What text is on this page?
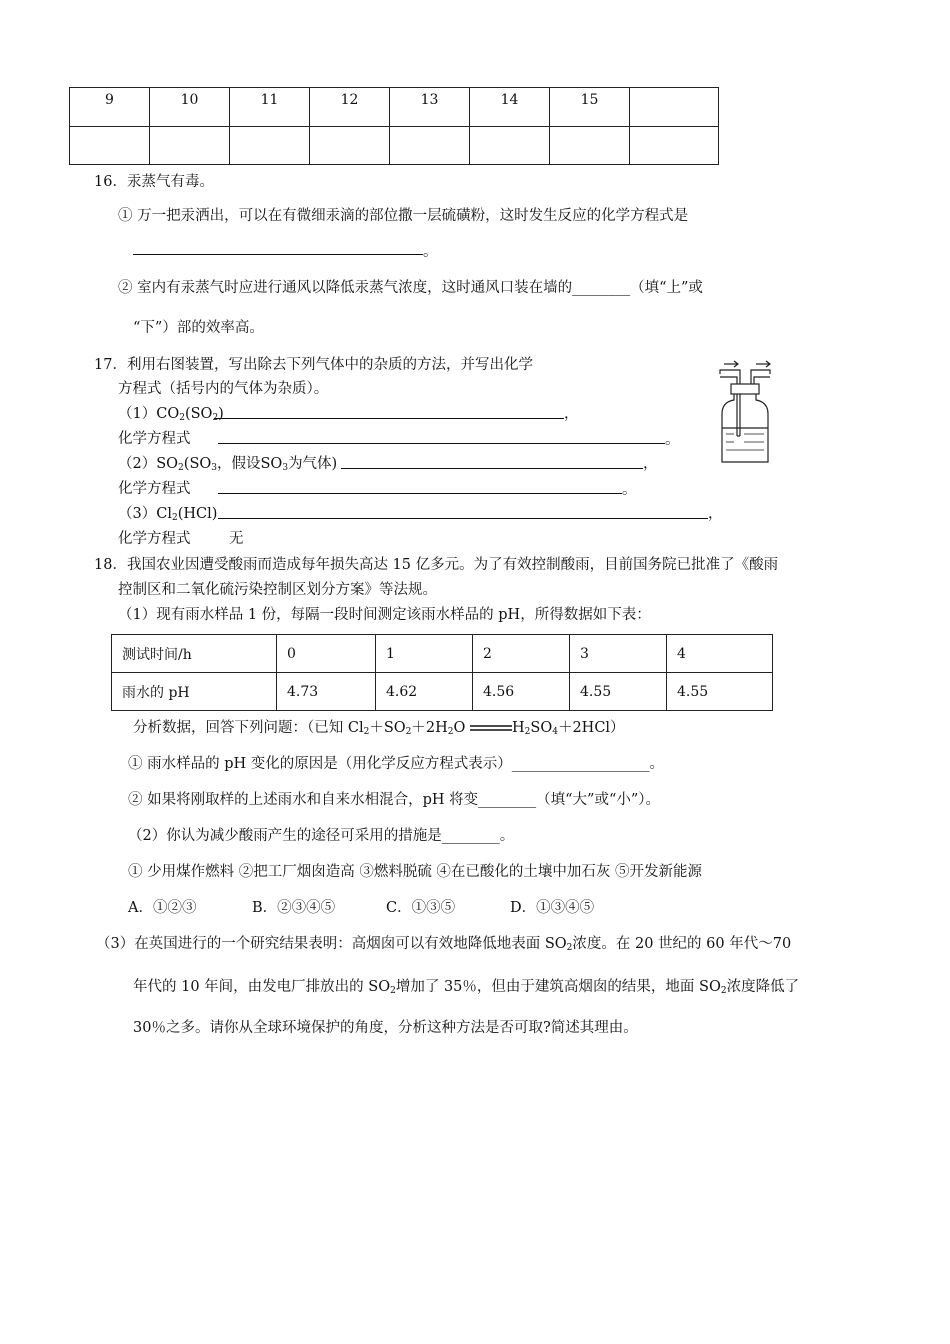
9	10	11	12	13	14	15	

16．汞蒸气有毒。
① 万一把汞洒出，可以在有微细汞滴的部位撒一层硫磺粉，这时发生反应的化学方程式是
。
② 室内有汞蒸气时应进行通风以降低汞蒸气浓度，这时通风口装在墙的________（填“上”或
“下”）部的效率高。
17．利用右图装置，写出除去下列气体中的杂质的方法，并写出化学
方程式（括号内的气体为杂质）。
$(1)CO_2(SO_2)$	，
化学方程式	。
$(2)SO_2(SO_3$，假设$SO_3$为气体)	，
化学方程式	。
$(3)Cl_2(HCl)$	，
化学方程式	无
18．我国农业因遭受酸雨而造成每年损失高达 15 亿多元。为了有效控制酸雨，目前国务院已批准了《酸雨
控制区和二氧化硫污染控制区划分方案》等法规。
（1）现有雨水样品 1 份，每隔一段时间测定该雨水样品的 pH，所得数据如下表：
测试时间/h	0	1	2	3	4
雨水的 pH	4.73	4.62	4.56	4.55	4.55
分析数据，回答下列问题：（已知 $Cl_2+SO_2+2H_2O$	$H_2SO_4+2HCl$）
① 雨水样品的 pH 变化的原因是（用化学反应方程式表示）___________________。
② 如果将刚取样的上述雨水和自来水相混合，pH 将变________（填“大”或“小”）。
（2）你认为减少酸雨产生的途径可采用的措施是________。
① 少用煤作燃料 ②把工厂烟囱造高 ③燃料脱硫 ④在已酸化的土壤中加石灰 ⑤开发新能源
A．①②③	B．②③④⑤	C．①③⑤	D．①③④⑤
（3）在英国进行的一个研究结果表明：高烟囱可以有效地降低地表面 $SO_2$浓度。在 20 世纪的 60 年代～70
年代的 10 年间，由发电厂排放出的 $SO_2$增加了 35％，但由于建筑高烟囱的结果，地面 $SO_2$浓度降低了
30％之多。请你从全球环境保护的角度，分析这种方法是否可取?简述其理由。
